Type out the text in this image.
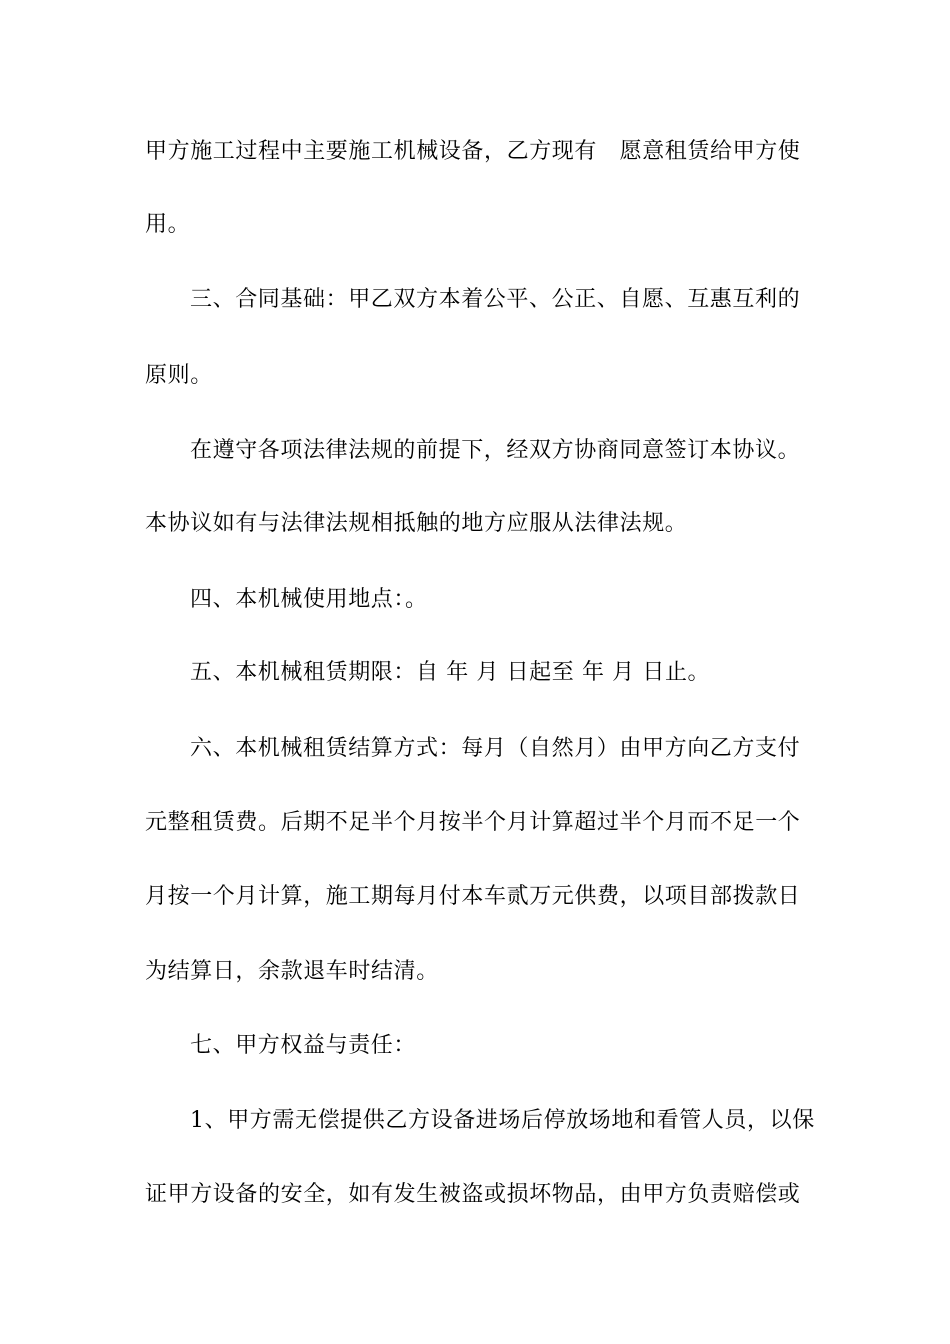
甲方施工过程中主要施工机械设备，乙方现有　愿意租赁给甲方使
用。
三、合同基础：甲乙双方本着公平、公正、自愿、互惠互利的
原则。
在遵守各项法律法规的前提下，经双方协商同意签订本协议。
本协议如有与法律法规相抵触的地方应服从法律法规。
四、本机械使用地点：。
五、本机械租赁期限：自 年 月 日起至 年 月 日止。
六、本机械租赁结算方式：每月（自然月）由甲方向乙方支付
元整租赁费。后期不足半个月按半个月计算超过半个月而不足一个
月按一个月计算，施工期每月付本车贰万元供费，以项目部拨款日
为结算日，余款退车时结清。
七、甲方权益与责任：
1、甲方需无偿提供乙方设备进场后停放场地和看管人员，以保
证甲方设备的安全，如有发生被盗或损坏物品，由甲方负责赔偿或
